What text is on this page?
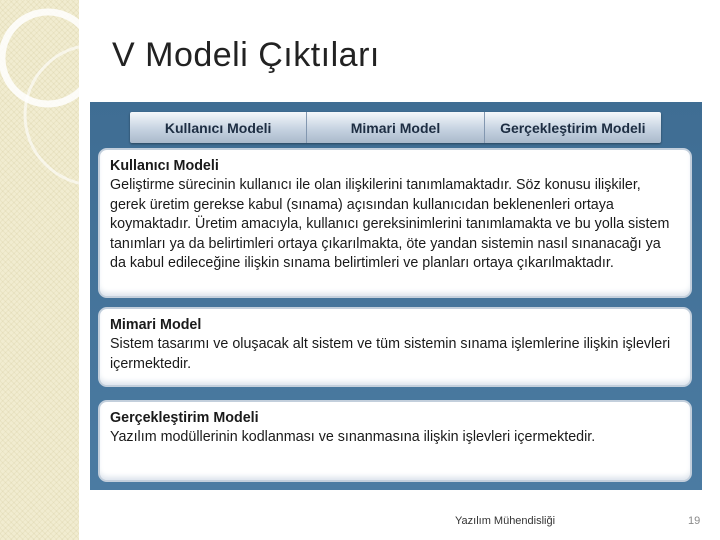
V Modeli Çıktıları
Kullanıcı Modeli	Mimari Model	Gerçekleştirim Modeli
Kullanıcı Modeli

Geliştirme sürecinin kullanıcı ile olan ilişkilerini tanımlamaktadır. Söz konusu ilişkiler, gerek üretim gerekse kabul (sınama) açısından kullanıcıdan beklenenleri ortaya koymaktadır. Üretim amacıyla, kullanıcı gereksinimlerini tanımlamakta ve bu yolla sistem tanımları ya da belirtimleri ortaya çıkarılmakta, öte yandan sistemin nasıl sınanacağı ya da kabul edileceğine ilişkin sınama belirtimleri ve planları ortaya çıkarılmaktadır.

Mimari Model

Sistem tasarımı ve oluşacak alt sistem ve tüm sistemin sınama işlemlerine ilişkin işlevleri içermektedir.

Gerçekleştirim Modeli

Yazılım modüllerinin kodlanması ve sınanmasına ilişkin işlevleri içermektedir.

Yazılım Mühendisliği	19
